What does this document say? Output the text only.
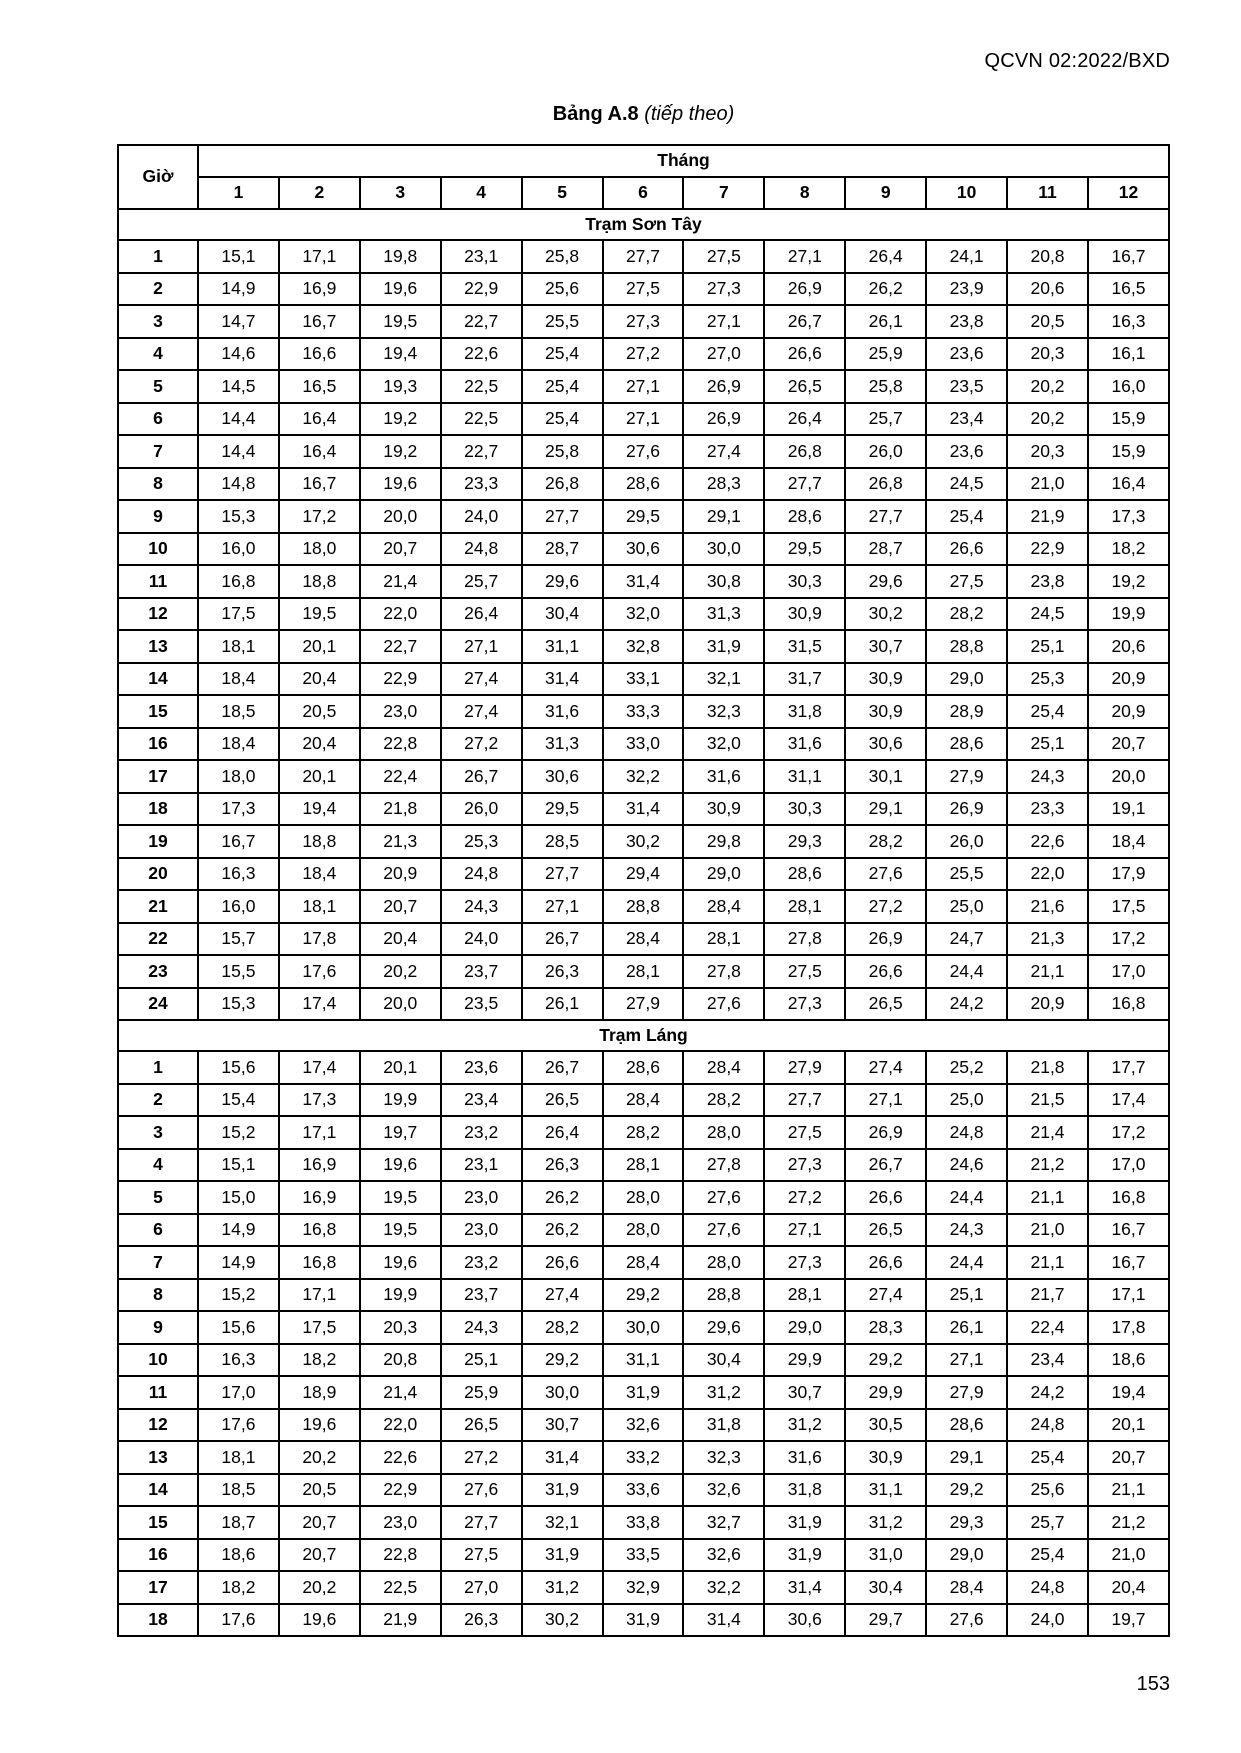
QCVN 02:2022/BXD
Bảng A.8 (tiếp theo)
Giờ	Tháng											
	1	2	3	4	5	6	7	8	9	10	11	12
Trạm Sơn Tây												
1	15,1	17,1	19,8	23,1	25,8	27,7	27,5	27,1	26,4	24,1	20,8	16,7
2	14,9	16,9	19,6	22,9	25,6	27,5	27,3	26,9	26,2	23,9	20,6	16,5
3	14,7	16,7	19,5	22,7	25,5	27,3	27,1	26,7	26,1	23,8	20,5	16,3
4	14,6	16,6	19,4	22,6	25,4	27,2	27,0	26,6	25,9	23,6	20,3	16,1
5	14,5	16,5	19,3	22,5	25,4	27,1	26,9	26,5	25,8	23,5	20,2	16,0
6	14,4	16,4	19,2	22,5	25,4	27,1	26,9	26,4	25,7	23,4	20,2	15,9
7	14,4	16,4	19,2	22,7	25,8	27,6	27,4	26,8	26,0	23,6	20,3	15,9
8	14,8	16,7	19,6	23,3	26,8	28,6	28,3	27,7	26,8	24,5	21,0	16,4
9	15,3	17,2	20,0	24,0	27,7	29,5	29,1	28,6	27,7	25,4	21,9	17,3
10	16,0	18,0	20,7	24,8	28,7	30,6	30,0	29,5	28,7	26,6	22,9	18,2
11	16,8	18,8	21,4	25,7	29,6	31,4	30,8	30,3	29,6	27,5	23,8	19,2
12	17,5	19,5	22,0	26,4	30,4	32,0	31,3	30,9	30,2	28,2	24,5	19,9
13	18,1	20,1	22,7	27,1	31,1	32,8	31,9	31,5	30,7	28,8	25,1	20,6
14	18,4	20,4	22,9	27,4	31,4	33,1	32,1	31,7	30,9	29,0	25,3	20,9
15	18,5	20,5	23,0	27,4	31,6	33,3	32,3	31,8	30,9	28,9	25,4	20,9
16	18,4	20,4	22,8	27,2	31,3	33,0	32,0	31,6	30,6	28,6	25,1	20,7
17	18,0	20,1	22,4	26,7	30,6	32,2	31,6	31,1	30,1	27,9	24,3	20,0
18	17,3	19,4	21,8	26,0	29,5	31,4	30,9	30,3	29,1	26,9	23,3	19,1
19	16,7	18,8	21,3	25,3	28,5	30,2	29,8	29,3	28,2	26,0	22,6	18,4
20	16,3	18,4	20,9	24,8	27,7	29,4	29,0	28,6	27,6	25,5	22,0	17,9
21	16,0	18,1	20,7	24,3	27,1	28,8	28,4	28,1	27,2	25,0	21,6	17,5
22	15,7	17,8	20,4	24,0	26,7	28,4	28,1	27,8	26,9	24,7	21,3	17,2
23	15,5	17,6	20,2	23,7	26,3	28,1	27,8	27,5	26,6	24,4	21,1	17,0
24	15,3	17,4	20,0	23,5	26,1	27,9	27,6	27,3	26,5	24,2	20,9	16,8
Trạm Láng												
1	15,6	17,4	20,1	23,6	26,7	28,6	28,4	27,9	27,4	25,2	21,8	17,7
2	15,4	17,3	19,9	23,4	26,5	28,4	28,2	27,7	27,1	25,0	21,5	17,4
3	15,2	17,1	19,7	23,2	26,4	28,2	28,0	27,5	26,9	24,8	21,4	17,2
4	15,1	16,9	19,6	23,1	26,3	28,1	27,8	27,3	26,7	24,6	21,2	17,0
5	15,0	16,9	19,5	23,0	26,2	28,0	27,6	27,2	26,6	24,4	21,1	16,8
6	14,9	16,8	19,5	23,0	26,2	28,0	27,6	27,1	26,5	24,3	21,0	16,7
7	14,9	16,8	19,6	23,2	26,6	28,4	28,0	27,3	26,6	24,4	21,1	16,7
8	15,2	17,1	19,9	23,7	27,4	29,2	28,8	28,1	27,4	25,1	21,7	17,1
9	15,6	17,5	20,3	24,3	28,2	30,0	29,6	29,0	28,3	26,1	22,4	17,8
10	16,3	18,2	20,8	25,1	29,2	31,1	30,4	29,9	29,2	27,1	23,4	18,6
11	17,0	18,9	21,4	25,9	30,0	31,9	31,2	30,7	29,9	27,9	24,2	19,4
12	17,6	19,6	22,0	26,5	30,7	32,6	31,8	31,2	30,5	28,6	24,8	20,1
13	18,1	20,2	22,6	27,2	31,4	33,2	32,3	31,6	30,9	29,1	25,4	20,7
14	18,5	20,5	22,9	27,6	31,9	33,6	32,6	31,8	31,1	29,2	25,6	21,1
15	18,7	20,7	23,0	27,7	32,1	33,8	32,7	31,9	31,2	29,3	25,7	21,2
16	18,6	20,7	22,8	27,5	31,9	33,5	32,6	31,9	31,0	29,0	25,4	21,0
17	18,2	20,2	22,5	27,0	31,2	32,9	32,2	31,4	30,4	28,4	24,8	20,4
18	17,6	19,6	21,9	26,3	30,2	31,9	31,4	30,6	29,7	27,6	24,0	19,7
153
